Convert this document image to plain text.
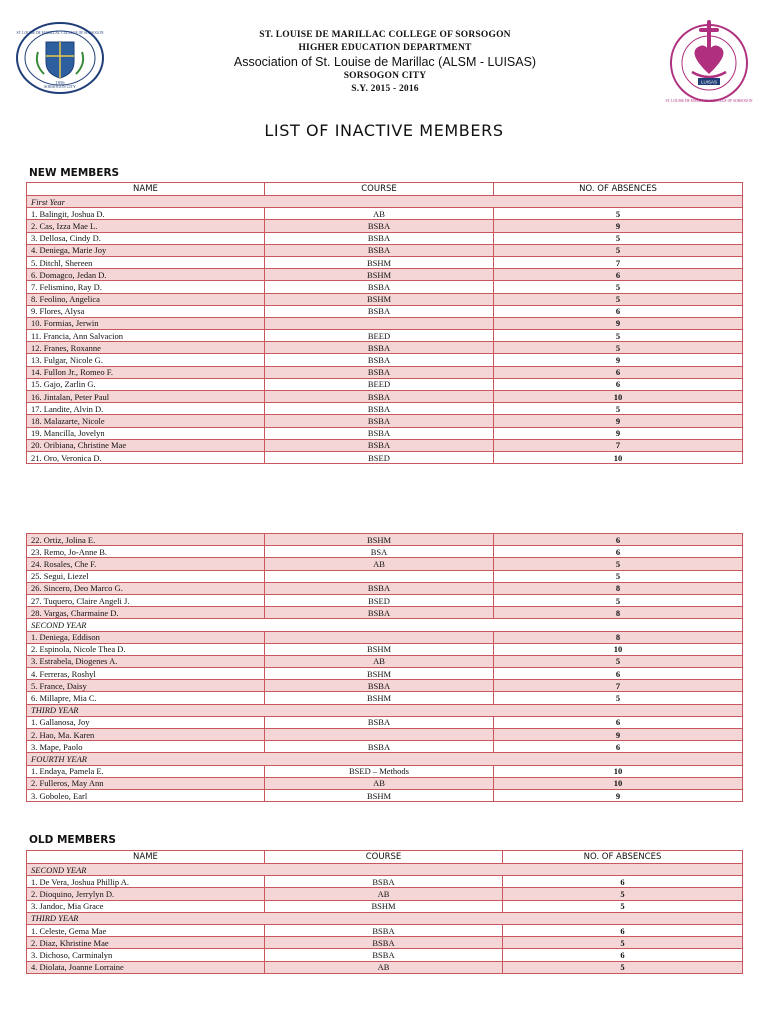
ST. LOUISE DE MARILLAC COLLEGE OF SORSOGON
SORSOGON CITY
1956
ST. LOUISE DE MARILLAC COLLEGE OF SORSOGON
HIGHER EDUCATION DEPARTMENT
Association of St. Louise de Marillac (ALSM - LUISAS)
SORSOGON CITY
S.Y. 2015 - 2016
ST. LOUISE DE MARILLAC COLLEGE OF SORSOGON
LUISAS
LIST OF INACTIVE MEMBERS
NEW MEMBERS
NAME	COURSE	NO. OF ABSENCES
First Year		
1. Balingit, Joshua D.	AB	5
2. Cas, Izza Mae L.	BSBA	9
3. Dellosa, Cindy D.	BSBA	5
4. Deniega, Marie Joy	BSBA	5
5. Ditchl, Shereen	BSHM	7
6. Domagco, Jedan D.	BSHM	6
7. Felismino, Ray D.	BSBA	5
8. Feolino, Angelica	BSHM	5
9. Flores, Alysa	BSBA	6
10. Formias, Jerwin		9
11. Francia, Ann Salvacion	BEED	5
12. Franes, Roxanne	BSBA	5
13. Fulgar, Nicole G.	BSBA	9
14. Fullon Jr., Romeo F.	BSBA	6
15. Gajo, Zarlin G.	BEED	6
16. Jintalan, Peter Paul	BSBA	10
17. Landite, Alvin D.	BSBA	5
18. Malazarte, Nicole	BSBA	9
19. Mancilla, Jovelyn	BSBA	9
20. Oribiana, Christine Mae	BSBA	7
21. Oro, Veronica D.	BSED	10
22. Ortiz, Jolina E.	BSHM	6
23. Remo, Jo-Anne B.	BSA	6
24. Rosales, Che F.	AB	5
25. Segui, Liezel		5
26. Sincero, Deo Marco G.	BSBA	8
27. Tuquero, Claire Angeli J.	BSED	5
28. Vargas, Charmaine D.	BSBA	8
SECOND YEAR		
1. Deniega, Eddison		8
2. Espinola, Nicole Thea D.	BSHM	10
3. Estrabela, Diogenes A.	AB	5
4. Ferreras, Roshyl	BSHM	6
5. France, Daisy	BSBA	7
6. Millapre, Mia C.	BSHM	5
THIRD YEAR		
1. Gallanosa, Joy	BSBA	6
2. Hao, Ma. Karen		9
3. Mape, Paolo	BSBA	6
FOURTH YEAR		
1. Endaya, Pamela E.	BSED – Methods	10
2. Fulleros, May Ann	AB	10
3. Goboleo, Earl	BSHM	9
OLD MEMBERS
NAME	COURSE	NO. OF ABSENCES
SECOND YEAR		
1. De Vera, Joshua Phillip A.	BSBA	6
2. Dioquino, Jerrylyn D.	AB	5
3. Jandoc, Mia Grace	BSHM	5
THIRD YEAR		
1. Celeste, Gema Mae	BSBA	6
2. Diaz, Khristine Mae	BSBA	5
3. Dichoso, Carminalyn	BSBA	6
4. Diolata, Joanne Lorraine	AB	5
